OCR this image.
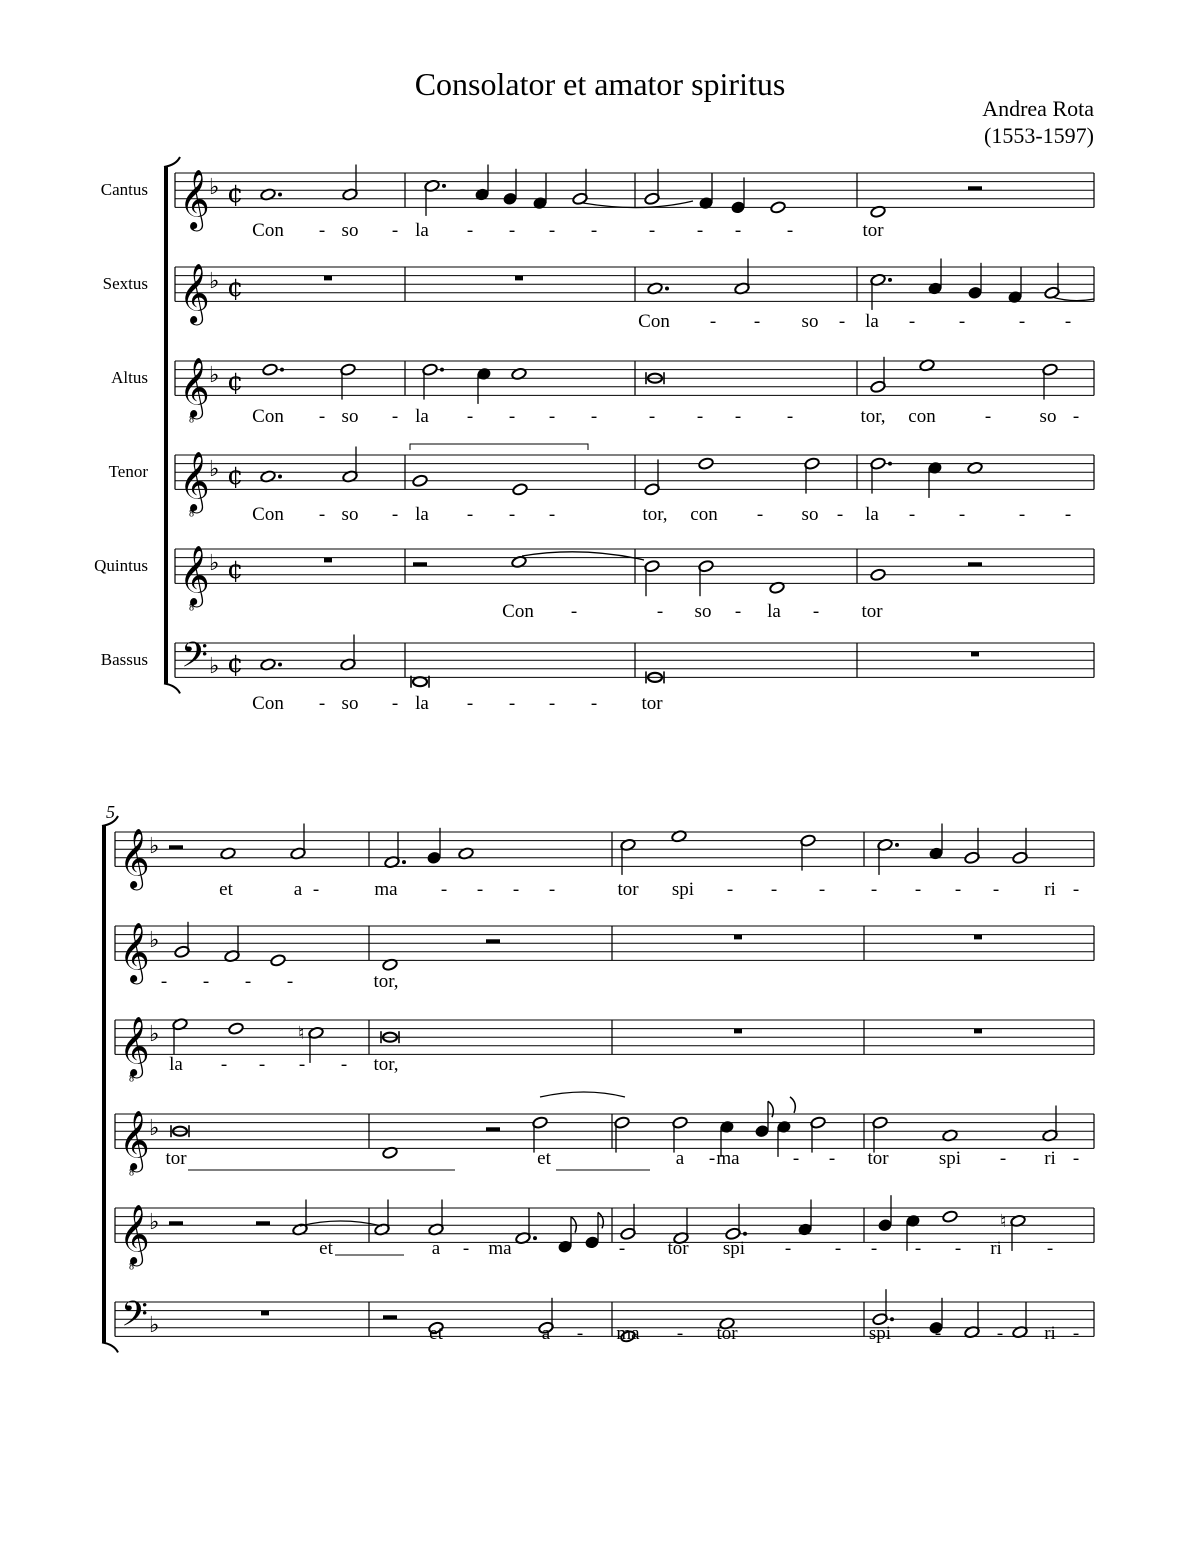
Consolator et amator spiritus
Andrea Rota
(1553-1597)
Cantus
Sextus
Altus
Tenor
Quintus
Bassus
5
𝄞 ♭ ¢
𝄞 ♭ ¢
𝄞
8
♭ ¢
𝄞
8
♭ ¢
𝄞
8
♭ ¢
𝄢 ♭ ¢
𝄞 ♭
𝄞 ♭
𝄞
8
♭
𝄞
8
♭
𝄞
8
♭
𝄢 ♭
♮
♮
Con - so - la - - - -	- - - -	tor
Con - - so - la - -	- -
Con - so - la - - - -	- - - -	tor, con	-	so -
Con - so - la - - -	tor, con - so - la - -	- -
Con -	- so - la - tor
Con - so - la - - - - tor
et	a -	ma - - - -	tor spi - - - - - - - ri -
- - - -	tor,
la - - - - tor,
tor	et	a - ma	- - tor	spi - ri -
et	a - ma -	- tor spi - - - - - ri -
et	a - ma - tor	spi -	- ri -
